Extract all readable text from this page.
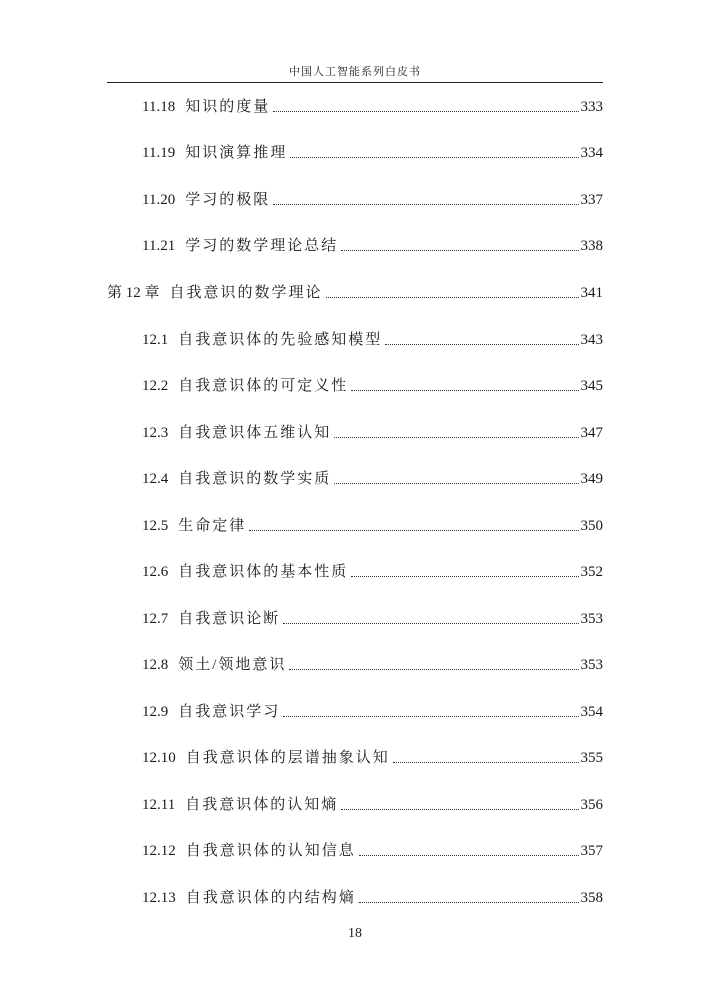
中国人工智能系列白皮书
11.18 知识的度量	333
11.19 知识演算推理	334
11.20 学习的极限	337
11.21 学习的数学理论总结	338
第 12 章 自我意识的数学理论	341
12.1 自我意识体的先验感知模型	343
12.2 自我意识体的可定义性	345
12.3 自我意识体五维认知	347
12.4 自我意识的数学实质	349
12.5 生命定律	350
12.6 自我意识体的基本性质	352
12.7 自我意识论断	353
12.8 领土/领地意识	353
12.9 自我意识学习	354
12.10 自我意识体的层谱抽象认知	355
12.11 自我意识体的认知熵	356
12.12 自我意识体的认知信息	357
12.13 自我意识体的内结构熵	358
18
